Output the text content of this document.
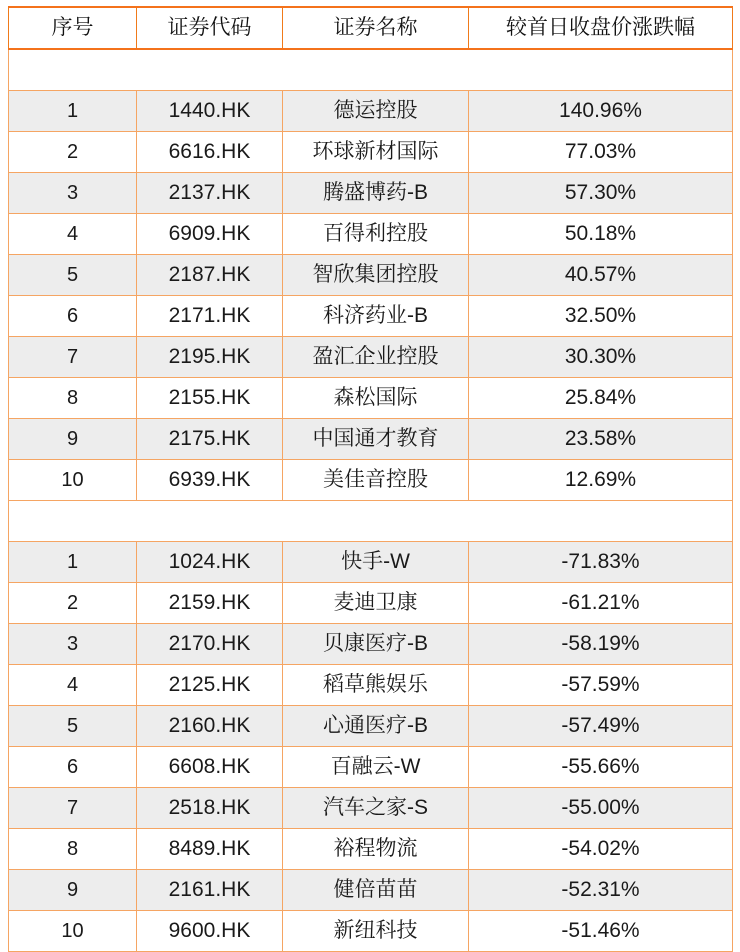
序号	证券代码	证券名称	较首日收盘价涨跌幅
涨幅前十			
1	1440.HK	德运控股	140.96%
2	6616.HK	环球新材国际	77.03%
3	2137.HK	腾盛博药-B	57.30%
4	6909.HK	百得利控股	50.18%
5	2187.HK	智欣集团控股	40.57%
6	2171.HK	科济药业-B	32.50%
7	2195.HK	盈汇企业控股	30.30%
8	2155.HK	森松国际	25.84%
9	2175.HK	中国通才教育	23.58%
10	6939.HK	美佳音控股	12.69%
跌幅前十			
1	1024.HK	快手-W	-71.83%
2	2159.HK	麦迪卫康	-61.21%
3	2170.HK	贝康医疗-B	-58.19%
4	2125.HK	稻草熊娱乐	-57.59%
5	2160.HK	心通医疗-B	-57.49%
6	6608.HK	百融云-W	-55.66%
7	2518.HK	汽车之家-S	-55.00%
8	8489.HK	裕程物流	-54.02%
9	2161.HK	健倍苗苗	-52.31%
10	9600.HK	新纽科技	-51.46%
